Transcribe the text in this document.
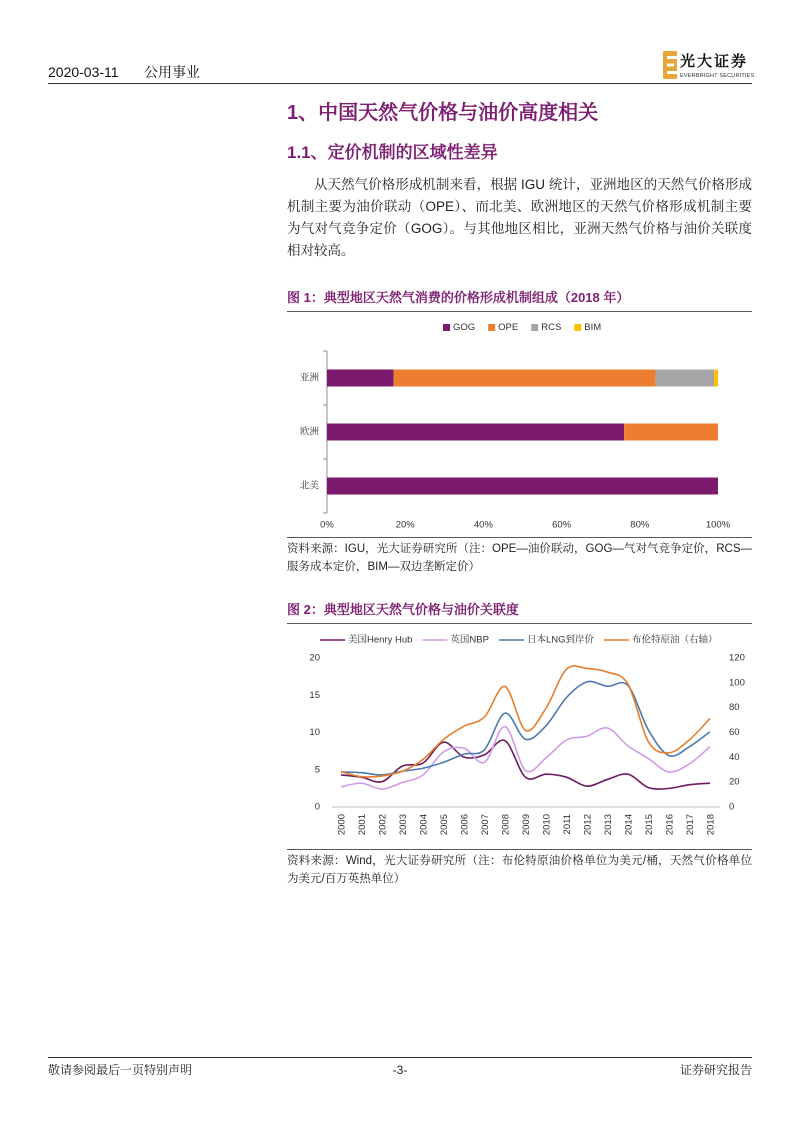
2020-03-11 公用事业
光大证券
EVERBRIGHT SECURITIES
1、中国天然气价格与油价高度相关
1.1、定价机制的区域性差异
从天然气价格形成机制来看，根据 IGU 统计，亚洲地区的天然气价格形成机制主要为油价联动（OPE）、而北美、欧洲地区的天然气价格形成机制主要为气对气竞争定价（GOG）。与其他地区相比，亚洲天然气价格与油价关联度相对较高。
图 1：典型地区天然气消费的价格形成机制组成（2018 年）
GOG OPE RCS BIM
亚洲
欧洲
北美
0%	20%	40%	60%	80%	100%
资料来源：IGU，光大证券研究所（注：OPE—油价联动，GOG—气对气竞争定价，RCS—服务成本定价，BIM—双边垄断定价）
图 2：典型地区天然气价格与油价关联度
美国Henry Hub	英国NBP	日本LNG到岸价	布伦特原油（右轴）
0
5
10
15
20
0
20
40
60
80
100
120
2000 2001 2002 2003 2004 2005 2006 2007 2008 2009 2010 2011 2012 2013 2014 2015 2016 2017 2018
资料来源：Wind，光大证券研究所（注：布伦特原油价格单位为美元/桶，天然气价格单位为美元/百万英热单位）
敬请参阅最后一页特别声明	-3-	证券研究报告
